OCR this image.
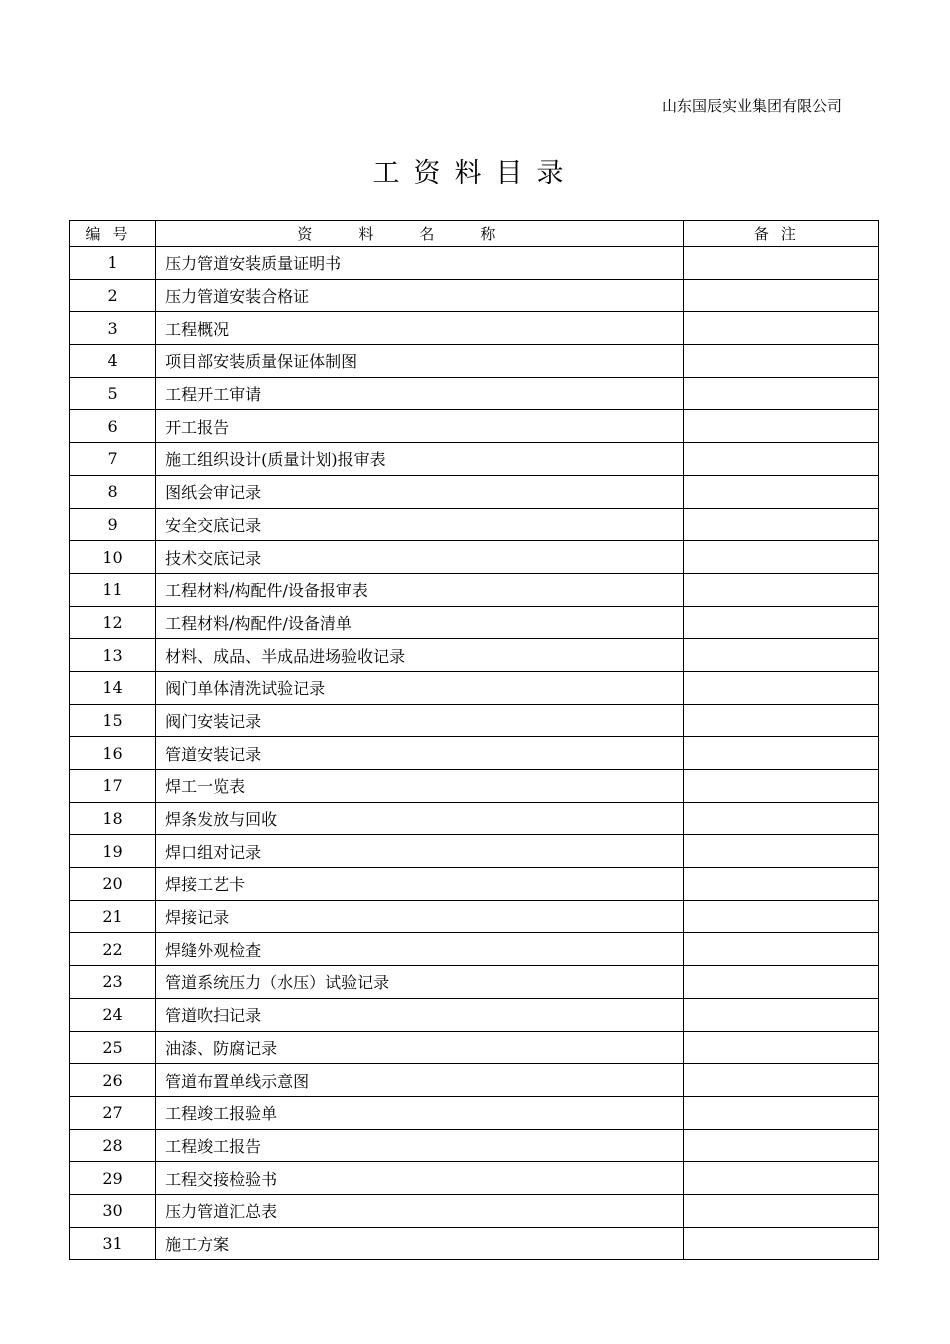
山东国辰实业集团有限公司
工资料目录
编号	资料名称	备注
1	压力管道安装质量证明书	
2	压力管道安装合格证	
3	工程概况	
4	项目部安装质量保证体制图	
5	工程开工审请	
6	开工报告	
7	施工组织设计(质量计划)报审表	
8	图纸会审记录	
9	安全交底记录	
10	技术交底记录	
11	工程材料/构配件/设备报审表	
12	工程材料/构配件/设备清单	
13	材料、成品、半成品进场验收记录	
14	阀门单体清洗试验记录	
15	阀门安装记录	
16	管道安装记录	
17	焊工一览表	
18	焊条发放与回收	
19	焊口组对记录	
20	焊接工艺卡	
21	焊接记录	
22	焊缝外观检查	
23	管道系统压力（水压）试验记录	
24	管道吹扫记录	
25	油漆、防腐记录	
26	管道布置单线示意图	
27	工程竣工报验单	
28	工程竣工报告	
29	工程交接检验书	
30	压力管道汇总表	
31	施工方案	
